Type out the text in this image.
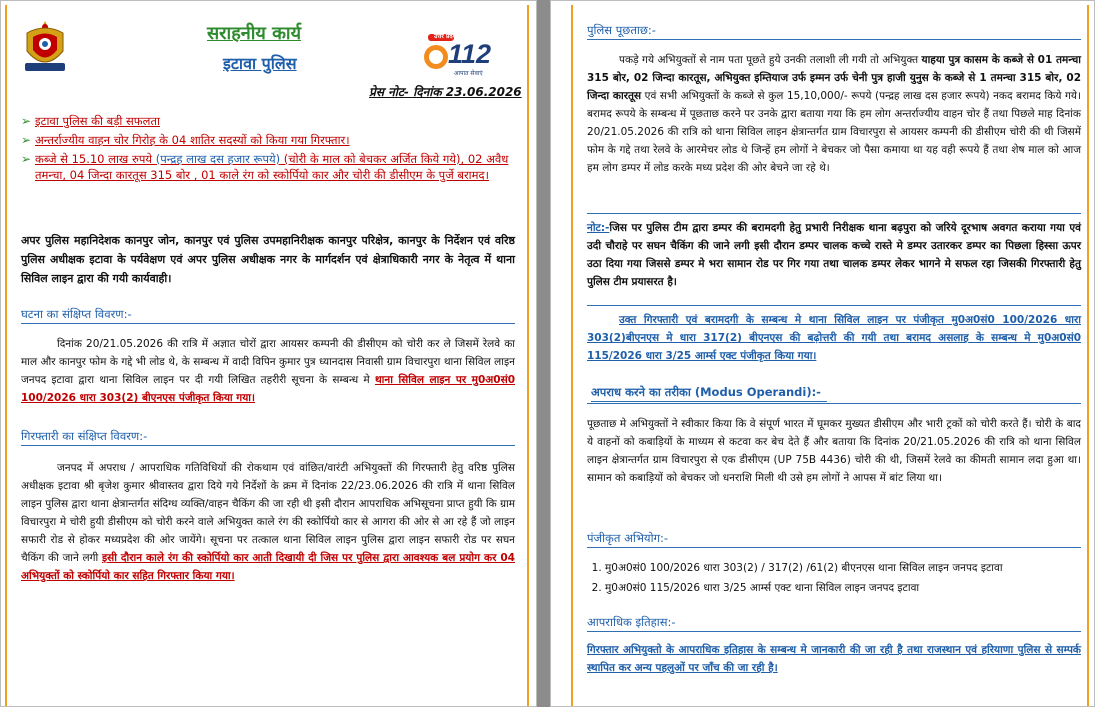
सराहनीय कार्य
इटावा पुलिस
उत्तर प्रदेश
112
आपात सेवाएं
प्रेस नोट- दिनांक 23.06.2026
➢ इटावा पुलिस की बड़ी सफलता
➢ अन्तर्राज्यीय वाहन चोर गिरोह के 04 शातिर सदस्यों को किया गया गिरफ्तार।
➢ कब्जे से 15.10 लाख रुपये (पन्द्रह लाख दस हजार रूपये) (चोरी के माल को बेचकर अर्जित किये गये), 02 अवैध तमन्चा, 04 जिन्दा कारतूस 315 बोर , 01 काले रंग को स्कोर्पियो कार और चोरी की डीसीएम के पुर्जे बरामद।

अपर पुलिस महानिदेशक कानपुर जोन, कानपुर एवं पुलिस उपमहानिरीक्षक कानपुर परिक्षेत्र, कानपुर के निर्देशन एवं वरिष्ठ पुलिस अधीक्षक इटावा के पर्यवेक्षण एवं अपर पुलिस अधीक्षक नगर के मार्गदर्शन एवं क्षेत्राधिकारी नगर के नेतृत्व में थाना सिविल लाइन द्वारा की गयी कार्यवाही।

घटना का संक्षिप्त विवरण:-

दिनांक 20/21.05.2026 की रात्रि में अज्ञात चोरों द्वारा आयसर कम्पनी की डीसीएम को चोरी कर ले जिसमें रेलवे का माल और कानपुर फोम के गद्दे भी लोड थे, के सम्बन्ध में वादी विपिन कुमार पुत्र ध्यानदास निवासी ग्राम विचारपुरा थाना सिविल लाइन जनपद इटावा द्वारा थाना सिविल लाइन पर दी गयी लिखित तहरीरी सूचना के सम्बन्ध मे थाना सिविल लाइन पर मु0अ0सं0 100/2026 धारा 303(2) बीएनएस पंजीकृत किया गया।

गिरफ्तारी का संक्षिप्त विवरण:-

जनपद में अपराध / आपराधिक गतिविधियों की रोकथाम एवं वांछित/वारंटी अभियुक्तों की गिरफ्तारी हेतु वरिष्ठ पुलिस अधीक्षक इटावा श्री बृजेश कुमार श्रीवास्तव द्वारा दिये गये निर्देशों के क्रम में दिनांक 22/23.06.2026 की रात्रि में थाना सिविल लाइन पुलिस द्वारा थाना क्षेत्रान्तर्गत संदिग्ध व्यक्ति/वाहन चैकिंग की जा रही थी इसी दौरान आपराधिक अभिसूचना प्राप्त हुयी कि ग्राम विचारपुरा मे चोरी हुयी डीसीएम को चोरी करने वाले अभियुक्त काले रंग की स्कोर्पियो कार से आगरा की ओर से आ रहे हैं जो लाइन सफारी रोड से होकर मध्यप्रदेश की ओर जायेंगे। सूचना पर तत्काल थाना सिविल लाइन पुलिस द्वारा लाइन सफारी रोड पर सघन चैकिंग की जाने लगी इसी दौरान काले रंग की स्कोर्पियो कार आती दिखायी दी जिस पर पुलिस द्वारा आवश्यक बल प्रयोग कर 04 अभियुक्तों को स्कोर्पियो कार सहित गिरफ्तार किया गया।

पुलिस पूछताछ:-

पकड़े गये अभियुक्तों से नाम पता पूछते हुये उनकी तलाशी ली गयी तो अभियुक्त याहया पुत्र कासम के कब्जे से 01 तमन्चा 315 बोर, 02 जिन्दा कारतूस, अभियुक्त इम्तियाज उर्फ इम्मन उर्फ चेनी पुत्र हाजी युनुस के कब्जे से 1 तमन्चा 315 बोर, 02 जिन्दा कारतूस एवं सभी अभियुक्तों के कब्जे से कुल 15,10,000/- रूपये (पन्द्रह लाख दस हजार रूपये) नकद बरामद किये गये। बरामद रूपये के सम्बन्ध में पूछताछ करने पर उनके द्वारा बताया गया कि हम लोग अन्तर्राज्यीय वाहन चोर हैं तथा पिछले माह दिनांक 20/21.05.2026 की रात्रि को थाना सिविल लाइन क्षेत्रान्तर्गत ग्राम विचारपुरा से आयसर कम्पनी की डीसीएम चोरी की थी जिसमें फोम के गद्दे तथा रेलवे के आरमेचर लोड थे जिन्हें हम लोगों ने बेचकर जो पैसा कमाया था यह वही रूपये हैं तथा शेष माल को आज हम लोग डम्पर में लोड करके मध्य प्रदेश की ओर बेचने जा रहे थे।

नोट:-जिस पर पुलिस टीम द्वारा डम्पर की बरामदगी हेतु प्रभारी निरीक्षक थाना बढ़पुरा को जरिये दूरभाष अवगत कराया गया एवं उदी चौराहे पर सघन चैकिंग की जाने लगी इसी दौरान डम्पर चालक कच्चे रास्ते मे डम्पर उतारकर डम्पर का पिछला हिस्सा ऊपर उठा दिया गया जिससे डम्पर मे भरा सामान रोड पर गिर गया तथा चालक डम्पर लेकर भागने मे सफल रहा जिसकी गिरफ्तारी हेतु पुलिस टीम प्रयासरत है।

उक्त गिरफ्तारी एवं बरामदगी के सम्बन्ध मे थाना सिविल लाइन पर पंजीकृत मु0अ0सं0 100/2026 धारा 303(2)बीएनएस मे धारा 317(2) बीएनएस की बढ़ोत्तरी की गयी तथा बरामद असलाह के सम्बन्ध मे मु0अ0सं0 115/2026 धारा 3/25 आर्म्स एक्ट पंजीकृत किया गया।

अपराध करने का तरीका (Modus Operandi):-

पूछताछ मे अभियुक्तों ने स्वीकार किया कि वे संपूर्ण भारत में घूमकर मुख्यत डीसीएम और भारी ट्रकों को चोरी करते हैं। चोरी के बाद ये वाहनों को कबाड़ियों के माध्यम से कटवा कर बेच देते हैं और बताया कि दिनांक 20/21.05.2026 की रात्रि को थाना सिविल लाइन क्षेत्रान्तर्गत ग्राम विचारपुरा से एक डीसीएम (UP 75B 4436) चोरी की थी, जिसमें रेलवे का कीमती सामान लदा हुआ था। सामान को कबाड़ियों को बेचकर जो धनराशि मिली थी उसे हम लोगों ने आपस में बांट लिया था।

पंजीकृत अभियोग:-
1. मु0अ0सं0 100/2026 धारा 303(2) / 317(2) /61(2) बीएनएस थाना सिविल लाइन जनपद इटावा
2. मु0अ0सं0 115/2026 धारा 3/25 आर्म्स एक्ट थाना सिविल लाइन जनपद इटावा
आपराधिक इतिहास:-

गिरफ्तार अभियुक्तो के आपराधिक इतिहास के सम्बन्ध मे जानकारी की जा रही है तथा राजस्थान एवं हरियाणा पुलिस से सम्पर्क स्थापित कर अन्य पहलुओं पर जाँच की जा रही है।
